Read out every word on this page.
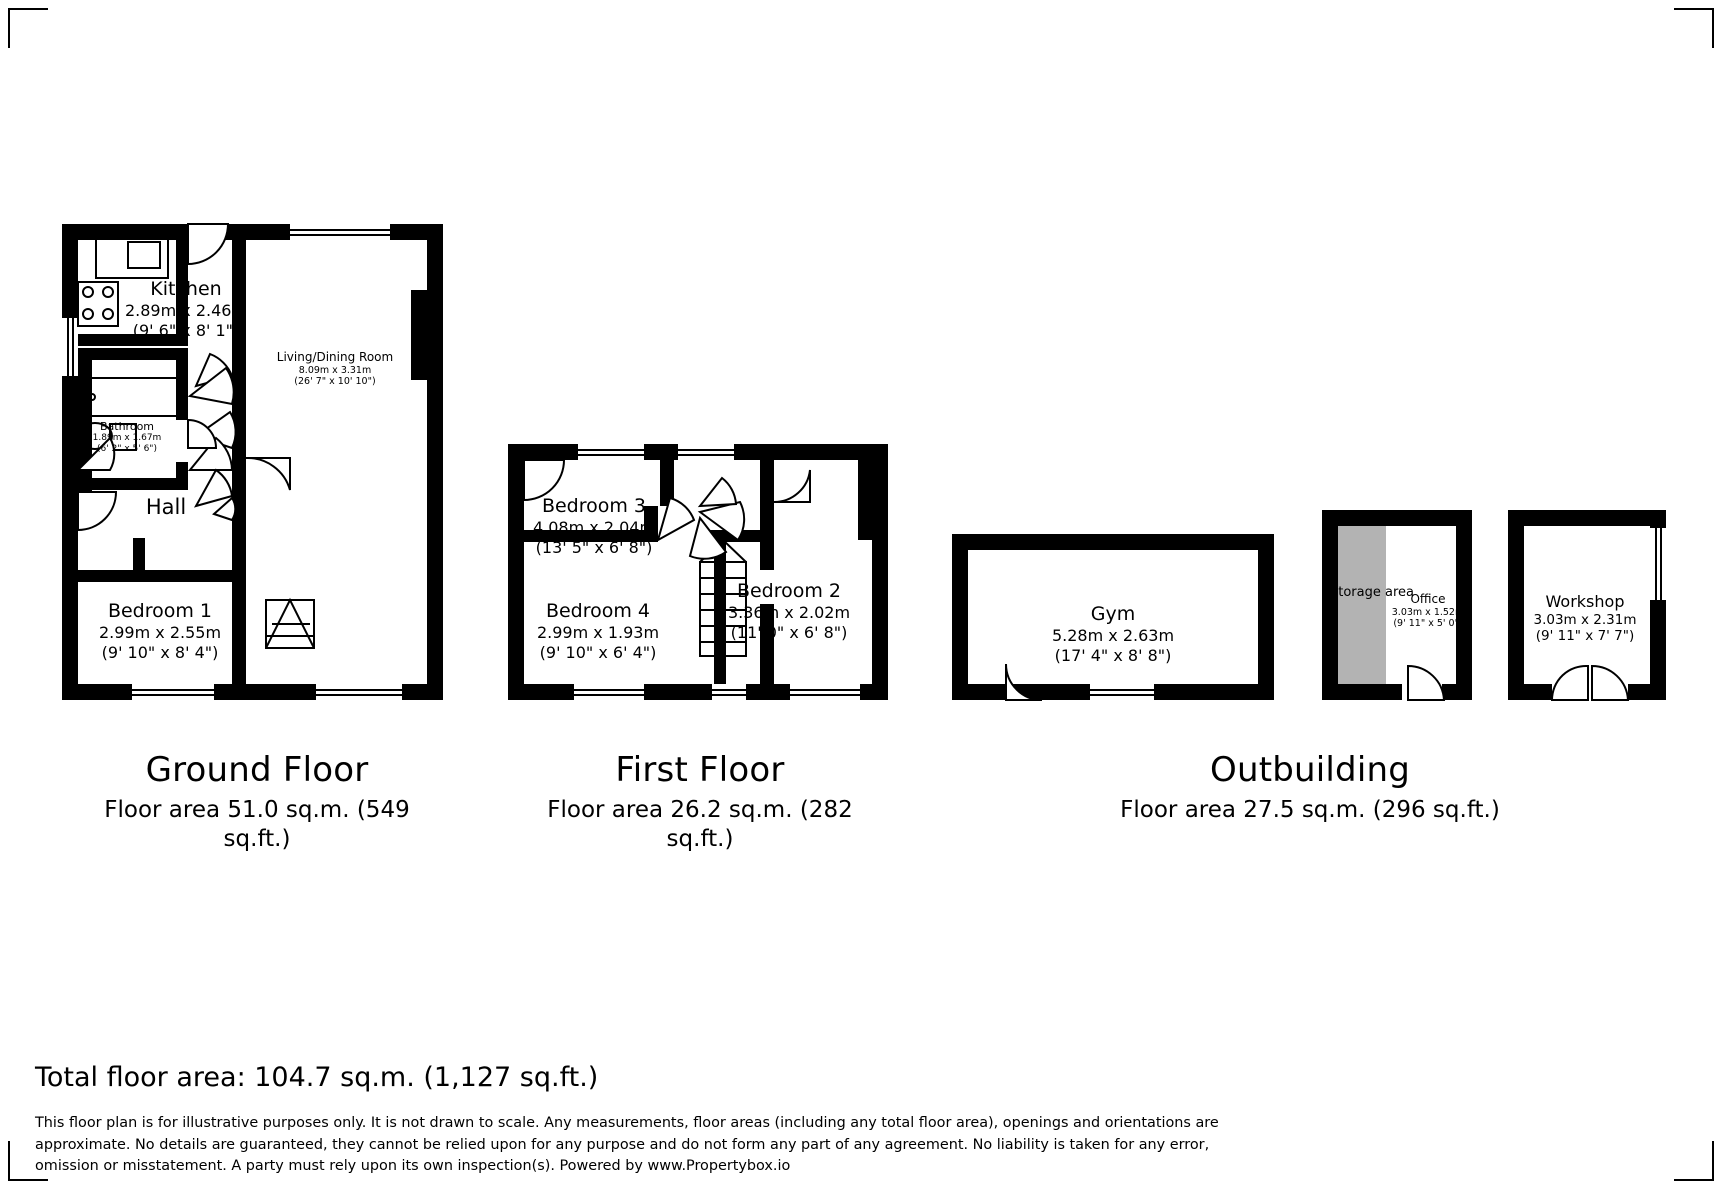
Kitchen
2.89m x 2.46m
(9' 6" x 8' 1")
Living/Dining Room
8.09m x 3.31m
(26' 7" x 10' 10")
Bathroom
1.89m x 1.67m
(6' 2" x 5' 6")
Hall
Bedroom 1
2.99m x 2.55m
(9' 10" x 8' 4")
Bedroom 3
4.08m x 2.04m
(13' 5" x 6' 8")
Bedroom 2
3.36m x 2.02m
(11' 0" x 6' 8")
Bedroom 4
2.99m x 1.93m
(9' 10" x 6' 4")
Gym
5.28m x 2.63m
(17' 4" x 8' 8")
Storage area
Office
3.03m x 1.52m
(9' 11" x 5' 0")
Workshop
3.03m x 2.31m
(9' 11" x 7' 7")
Ground Floor
Floor area 51.0 sq.m. (549 sq.ft.)
First Floor
Floor area 26.2 sq.m. (282 sq.ft.)
Outbuilding
Floor area 27.5 sq.m. (296 sq.ft.)
Total floor area: 104.7 sq.m. (1,127 sq.ft.)
This floor plan is for illustrative purposes only. It is not drawn to scale. Any measurements, floor areas (including any total floor area), openings and orientations are approximate. No details are guaranteed, they cannot be relied upon for any purpose and do not form any part of any agreement. No liability is taken for any error, omission or misstatement. A party must rely upon its own inspection(s). Powered by www.Propertybox.io
